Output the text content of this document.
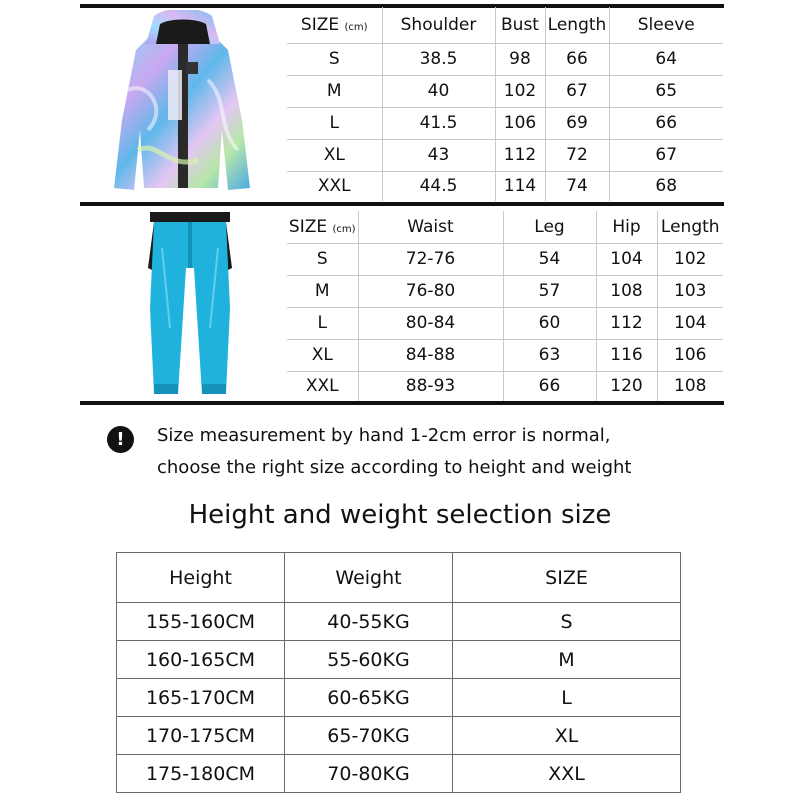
SIZE (cm)	Shoulder	Bust	Length	Sleeve
S	38.5	98	66	64
M	40	102	67	65
L	41.5	106	69	66
XL	43	112	72	67
XXL	44.5	114	74	68
SIZE (cm)	Waist	Leg	Hip	Length
S	72-76	54	104	102
M	76-80	57	108	103
L	80-84	60	112	104
XL	84-88	63	116	106
XXL	88-93	66	120	108
!	Size measurement by hand 1-2cm error is normal,
choose the right size according to height and weight
Height and weight selection size
Height	Weight	SIZE
155-160CM	40-55KG	S
160-165CM	55-60KG	M
165-170CM	60-65KG	L
170-175CM	65-70KG	XL
175-180CM	70-80KG	XXL
